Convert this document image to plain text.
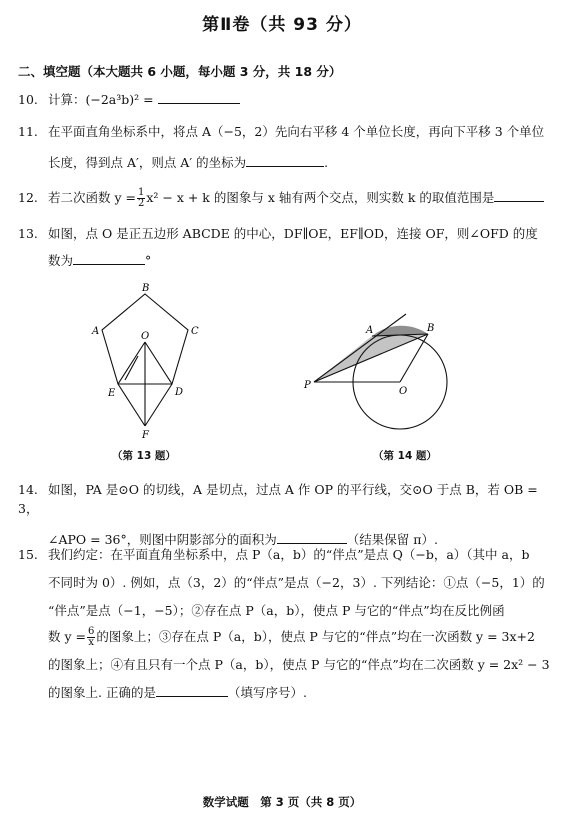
第Ⅱ卷（共 93 分）
二、填空题（本大题共 6 小题，每小题 3 分，共 18 分）
10. 计算：(−2a³b)² =
11. 在平面直角坐标系中，将点 A（−5，2）先向右平移 4 个单位长度，再向下平移 3 个单位
长度，得到点 A′，则点 A′ 的坐标为	.
12. 若二次函数 $y = \frac{1}{2} x^2 - x + k$ 的图象与 x 轴有两个交点，则实数 k 的取值范围是
13. 如图，点 O 是正五边形 ABCDE 的中心，DF∥OE，EF∥OD，连接 OF，则∠OFD 的度
数为	°
B
A	C
O
E	D
F
（第 13 题）
A	B
P
O
（第 14 题）
14. 如图，PA 是⊙O 的切线，A 是切点，过点 A 作 OP 的平行线，交⊙O 于点 B，若 OB = 3，
∠APO = 36°，则图中阴影部分的面积为	（结果保留 π）.
15. 我们约定：在平面直角坐标系中，点 P（a，b）的“伴点”是点 Q（−b，a）（其中 a，b
不同时为 0）. 例如，点（3，2）的“伴点”是点（−2，3）. 下列结论：①点（−5，1）的
“伴点”是点（−1，−5）；②存在点 P（a，b），使点 P 与它的“伴点”均在反比例函
数 $y = \frac{6}{x}$ 的图象上；③存在点 P（a，b），使点 P 与它的“伴点”均在一次函数 y = 3x+2
的图象上；④有且只有一个点 P（a，b），使点 P 与它的“伴点”均在二次函数 y = 2x² − 3
的图象上. 正确的是	（填写序号）.
数学试题　第 3 页（共 8 页）
